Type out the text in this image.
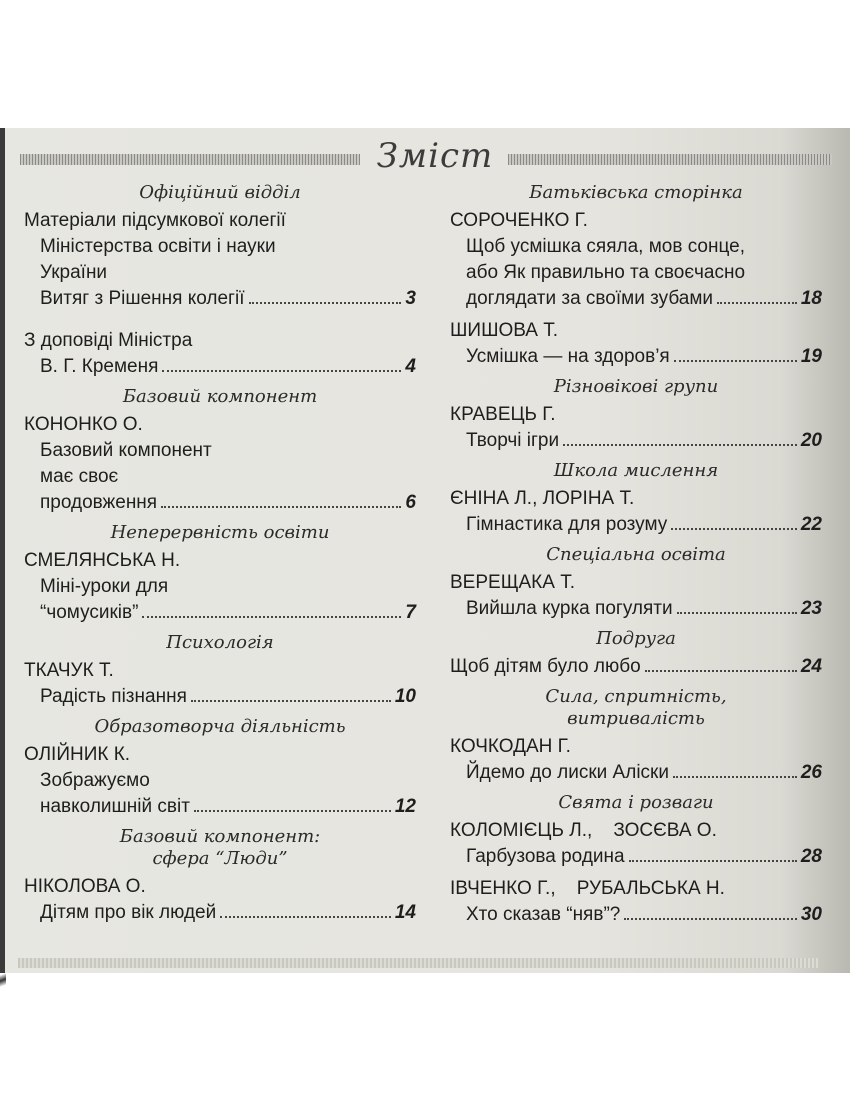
Зміст
Офіційний відділ
Матеріали підсумкової колегії
Міністерства освіти і науки
України
Витяг з Рішення колегії	3
З доповіді Міністра
В. Г. Кременя	4
Базовий компонент
КОНОНКО О.
Базовий компонент
має своє
продовження	6
Неперервність освіти
СМЕЛЯНСЬКА Н.
Міні-уроки для
“чомусиків”	7
Психологія
ТКАЧУК Т.
Радість пізнання	10
Образотворча діяльність
ОЛІЙНИК К.
Зображуємо
навколишній світ	12
Базовий компонент:
сфера “Люди”
НІКОЛОВА О.
Дітям про вік людей	14
Батьківська сторінка
СОРОЧЕНКО Г.
Щоб усмішка сяяла, мов сонце,
або Як правильно та своєчасно
доглядати за своїми зубами	18
ШИШОВА Т.
Усмішка — на здоров’я	19
Різновікові групи
КРАВЕЦЬ Г.
Творчі ігри	20
Школа мислення
ЄНІНА Л., ЛОРІНА Т.
Гімнастика для розуму	22
Спеціальна освіта
ВЕРЕЩАКА Т.
Вийшла курка погуляти	23
Подруга
Щоб дітям було любо	24
Сила, спритність,
витривалість
КОЧКОДАН Г.
Йдемо до лиски Аліски	26
Свята і розваги
КОЛОМІЄЦЬ Л.,    ЗОСЄВА О.
Гарбузова родина	28
ІВЧЕНКО Г.,    РУБАЛЬСЬКА Н.
Хто сказав “няв”?	30
